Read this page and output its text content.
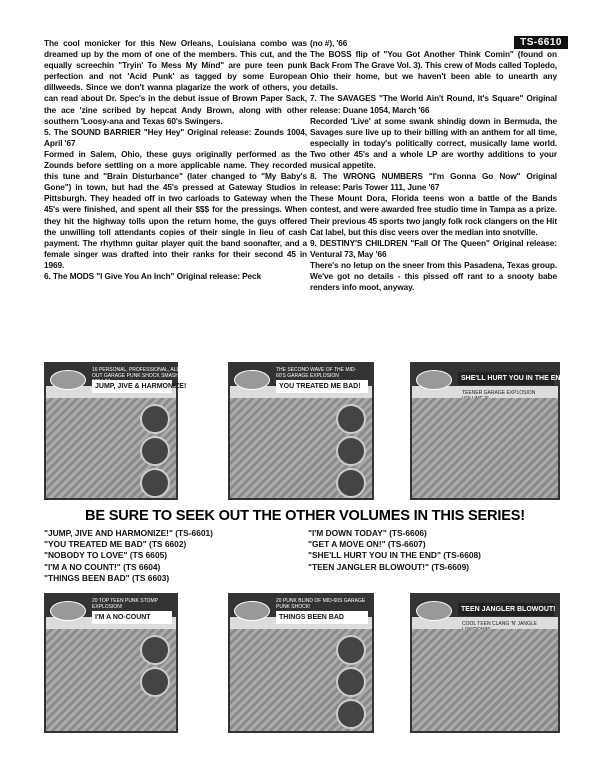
TS-6610

The cool monicker for this New Orleans, Louisiana combo was dreamed up by the mom of one of the members. This cut, and the equally screechin "Tryin' To Mess My Mind" are pure teen punk perfection and not 'Acid Punk' as tagged by some European dillweeds. Since we don't wanna plagarize the work of others, you can read about Dr. Spec's in the debut issue of Brown Paper Sack, the ace 'zine scribed by hepcat Andy Brown, along with other southern 'Loosy-ana and Texas 60's Swingers.

5. The SOUND BARRIER "Hey Hey" Original release: Zounds 1004, April '67

Formed in Salem, Ohio, these guys originally performed as the Zounds before settling on a more applicable name. They recorded this tune and "Brain Disturbance" (later changed to "My Baby's Gone") in town, but had the 45's pressed at Gateway Studios in Pittsburgh. They headed off in two carloads to Gateway when the 45's were finished, and spent all their $$$ for the pressings. When they hit the highway tolls upon the return home, the guys offered the unwilling toll attendants copies of their single in lieu of cash payment. The rhythmn guitar player quit the band soonafter, and a female singer was drafted into their ranks for their second 45 in 1969.

6. The MODS "I Give You An Inch" Original release: Peck

(no #), '66

The BOSS flip of "You Got Another Think Comin" (found on Back From The Grave Vol. 3). This crew of Mods called Topledo, Ohio their home, but we haven't been able to unearth any details.

7. The SAVAGES "The World Ain't Round, It's Square" Original release: Duane 1054, March '66

Recorded 'Live' at some swank shindig down in Bermuda, the Savages sure live up to their billing with an anthem for all time, especially in today's politically correct, musically lame world. Two other 45's and a whole LP are worthy additions to your musical appetite.

8. The WRONG NUMBERS "I'm Gonna Go Now" Original release: Paris Tower 111, June '67

These Mount Dora, Florida teens won a battle of the Bands contest, and were awarded free studio time in Tampa as a prize. Their previous 45 sports two jangly folk rock clangers on the Hit Cat label, but this disc veers over the median into snotville.

9. DESTINY'S CHILDREN "Fall Of The Queen" Original release: Ventural 73, May '66

There's no letup on the sneer from this Pasadena, Texas group. We've got no details - this pissed off rant to a snooty babe renders info moot, anyway.

16 PERSONAL, PROFESSIONAL, ALL-OUT GARAGE PUNK SHOCK SMASH -
JUMP, JIVE & HARMONIZE!
THE SECOND WAVE OF THE MID-60'S GARAGE EXPLOSION
YOU TREATED ME BAD!
TEENER GARAGE EXPLOSION
SHE'LL HURT YOU IN THE END
BE SURE TO SEEK OUT THE OTHER VOLUMES IN THIS SERIES!
"JUMP, JIVE AND HARMONIZE!" (TS-6601)
"YOU TREATED ME BAD" (TS 6602)
"NOBODY TO LOVE" (TS 6605)
"I'M A NO COUNT!" (TS 6604)
"THINGS BEEN BAD" (TS 6603)
"I'M DOWN TODAY" (TS-6606)
"GET A MOVE ON!" (TS-6607)
"SHE'LL HURT YOU IN THE END" (TS-6608)
"TEEN JANGLER BLOWOUT!" (TS-6609)
20 TOP TEEN PUNK STOMP EXPLOSION!
I'M A NO-COUNT
20 PUNK BLIND OF MID-60S GARAGE PUNK SHOCK!
THINGS BEEN BAD
COOL TEEN CLANG 'N' JANGLE
TEEN JANGLER BLOWOUT!
